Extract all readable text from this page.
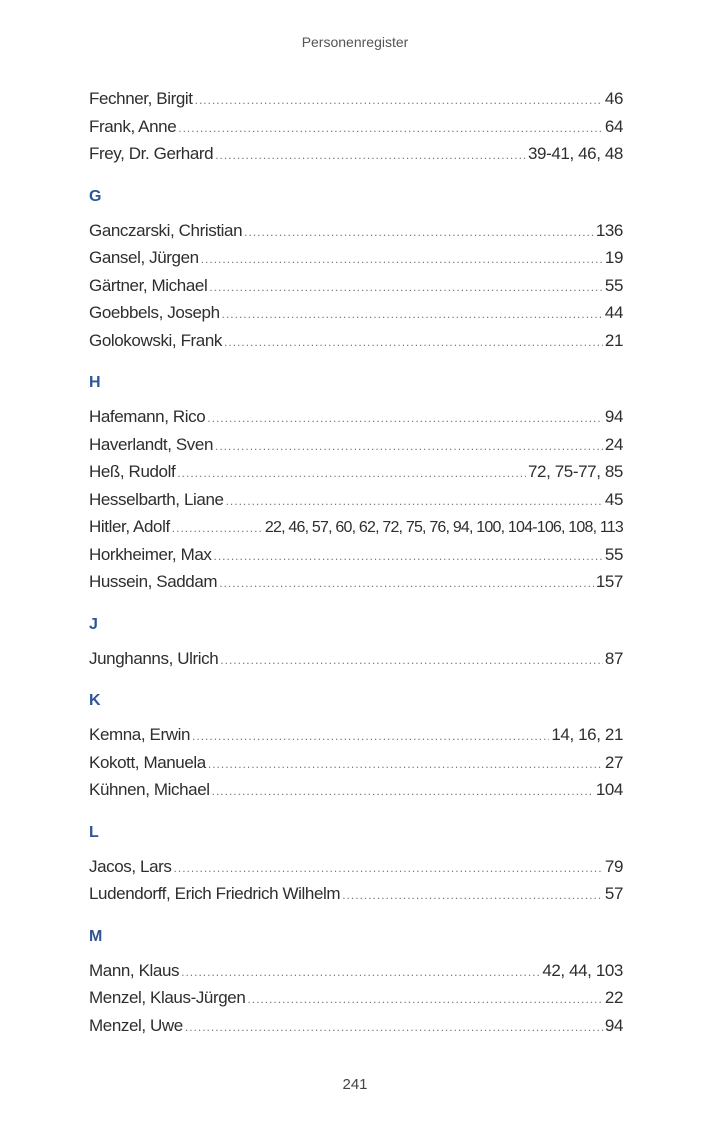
Personenregister
Fechner, Birgit .....	46
Frank, Anne .....	64
Frey, Dr. Gerhard .....	39-41, 46, 48
G
Ganczarski, Christian .....	136
Gansel, Jürgen .....	19
Gärtner, Michael .....	55
Goebbels, Joseph .....	44
Golokowski, Frank .....	21
H
Hafemann, Rico .....	94
Haverlandt, Sven .....	24
Heß, Rudolf .....	72, 75-77, 85
Hesselbarth, Liane .....	45
Hitler, Adolf .....	22, 46, 57, 60, 62, 72, 75, 76, 94, 100, 104-106, 108, 113
Horkheimer, Max .....	55
Hussein, Saddam .....	157
J
Junghanns, Ulrich .....	87
K
Kemna, Erwin .....	14, 16, 21
Kokott, Manuela .....	27
Kühnen, Michael .....	104
L
Jacos, Lars .....	79
Ludendorff, Erich Friedrich Wilhelm .....	57
M
Mann, Klaus .....	42, 44, 103
Menzel, Klaus-Jürgen .....	22
Menzel, Uwe .....	94
241
